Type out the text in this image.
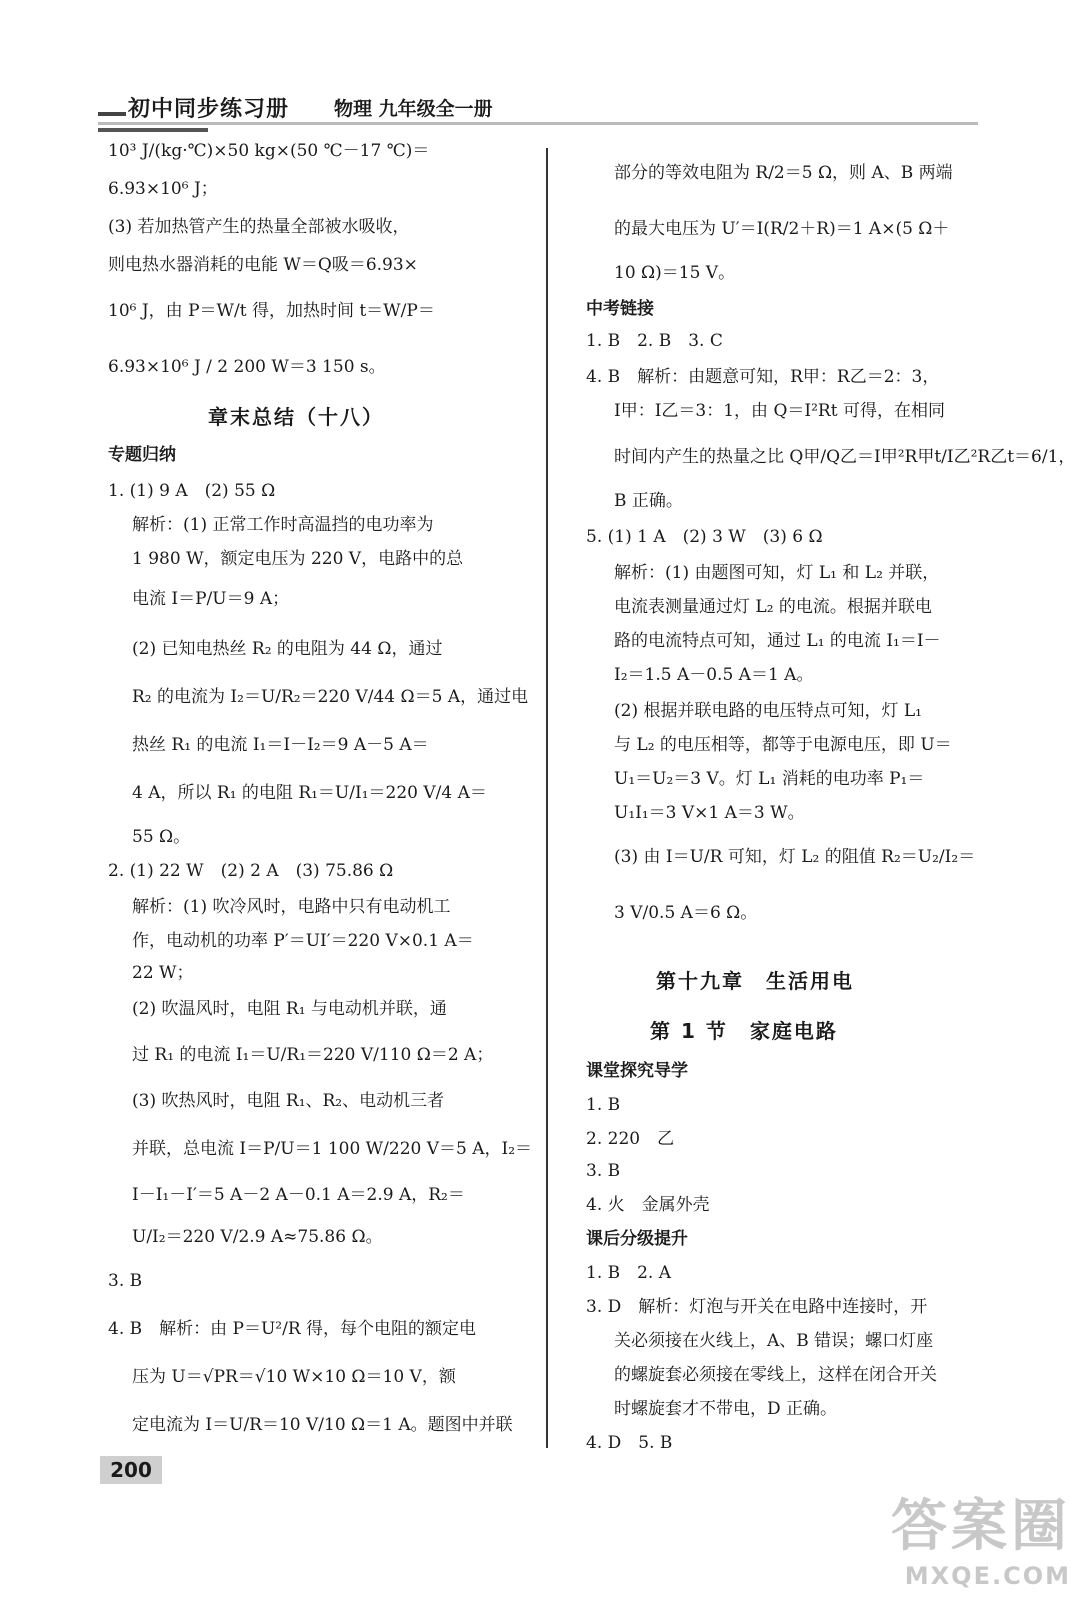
初中同步练习册 物理 九年级全一册
10³ J/(kg·℃)×50 kg×(50 ℃－17 ℃)＝
6.93×10⁶ J；
(3) 若加热管产生的热量全部被水吸收，
则电热水器消耗的电能 W＝Q吸＝6.93×
10⁶ J，由 P＝W/t 得，加热时间 t＝W/P＝
6.93×10⁶ J / 2 200 W＝3 150 s。
章末总结（十八）
专题归纳
1. (1) 9 A　(2) 55 Ω
解析：(1) 正常工作时高温挡的电功率为
1 980 W，额定电压为 220 V，电路中的总
电流 I＝P/U＝9 A；
(2) 已知电热丝 R₂ 的电阻为 44 Ω，通过
R₂ 的电流为 I₂＝U/R₂＝220 V/44 Ω＝5 A，通过电
热丝 R₁ 的电流 I₁＝I－I₂＝9 A－5 A＝
4 A，所以 R₁ 的电阻 R₁＝U/I₁＝220 V/4 A＝
55 Ω。
2. (1) 22 W　(2) 2 A　(3) 75.86 Ω
解析：(1) 吹冷风时，电路中只有电动机工
作，电动机的功率 P′＝UI′＝220 V×0.1 A＝
22 W；
(2) 吹温风时，电阻 R₁ 与电动机并联，通
过 R₁ 的电流 I₁＝U/R₁＝220 V/110 Ω＝2 A；
(3) 吹热风时，电阻 R₁、R₂、电动机三者
并联，总电流 I＝P/U＝1 100 W/220 V＝5 A，I₂＝
I－I₁－I′＝5 A－2 A－0.1 A＝2.9 A，R₂＝
U/I₂＝220 V/2.9 A≈75.86 Ω。
3. B
4. B　解析：由 P＝U²/R 得，每个电阻的额定电
压为 U＝√PR＝√10 W×10 Ω＝10 V，额
定电流为 I＝U/R＝10 V/10 Ω＝1 A。题图中并联
部分的等效电阻为 R/2＝5 Ω，则 A、B 两端
的最大电压为 U′＝I(R/2＋R)＝1 A×(5 Ω＋
10 Ω)＝15 V。
中考链接
1. B　2. B　3. C
4. B　解析：由题意可知，R甲：R乙＝2：3，
I甲：I乙＝3：1，由 Q＝I²Rt 可得，在相同
时间内产生的热量之比 Q甲/Q乙＝I甲²R甲t/I乙²R乙t＝6/1，
B 正确。
5. (1) 1 A　(2) 3 W　(3) 6 Ω
解析：(1) 由题图可知，灯 L₁ 和 L₂ 并联，
电流表测量通过灯 L₂ 的电流。根据并联电
路的电流特点可知，通过 L₁ 的电流 I₁＝I－
I₂＝1.5 A－0.5 A＝1 A。
(2) 根据并联电路的电压特点可知，灯 L₁
与 L₂ 的电压相等，都等于电源电压，即 U＝
U₁＝U₂＝3 V。灯 L₁ 消耗的电功率 P₁＝
U₁I₁＝3 V×1 A＝3 W。
(3) 由 I＝U/R 可知，灯 L₂ 的阻值 R₂＝U₂/I₂＝
3 V/0.5 A＝6 Ω。
第十九章　生活用电
第 1 节　家庭电路
课堂探究导学
1. B
2. 220　乙
3. B
4. 火　金属外壳
课后分级提升
1. B　2. A
3. D　解析：灯泡与开关在电路中连接时，开
关必须接在火线上，A、B 错误；螺口灯座
的螺旋套必须接在零线上，这样在闭合开关
时螺旋套才不带电，D 正确。
4. D　5. B
200
答案圈
MXQE.COM
